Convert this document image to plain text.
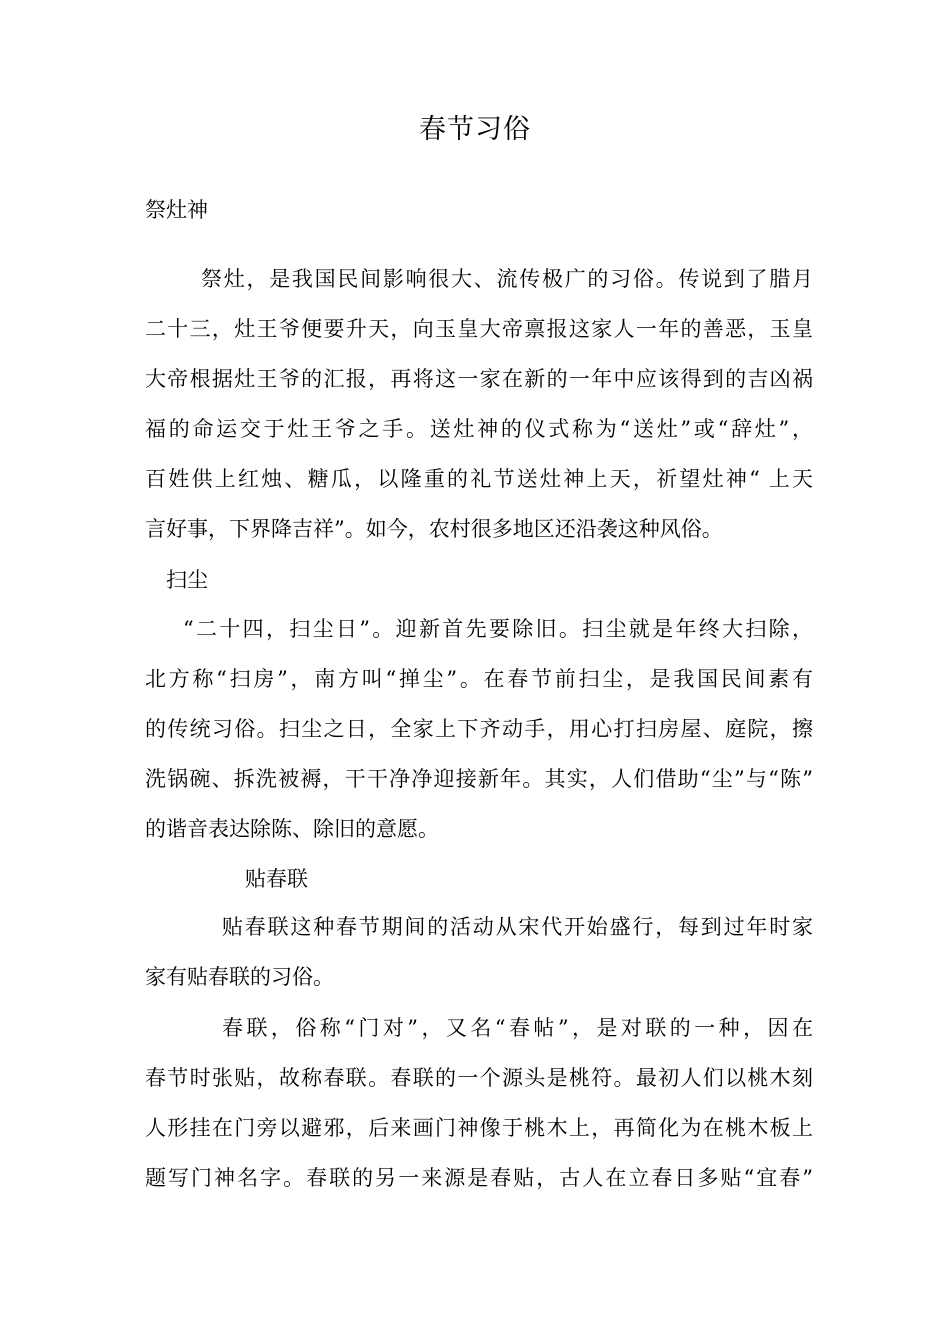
春节习俗
祭灶神
祭灶，是我国民间影响很大、流传极广的习俗。传说到了腊月
二十三，灶王爷便要升天，向玉皇大帝禀报这家人一年的善恶，玉皇
大帝根据灶王爷的汇报，再将这一家在新的一年中应该得到的吉凶祸
福的命运交于灶王爷之手。送灶神的仪式称为“送灶”或“辞灶”，
百姓供上红烛、糖瓜，以隆重的礼节送灶神上天，祈望灶神“ 上天
言好事，下界降吉祥”。如今，农村很多地区还沿袭这种风俗。
扫尘
“二十四，扫尘日”。迎新首先要除旧。扫尘就是年终大扫除，
北方称“扫房”，南方叫“掸尘”。在春节前扫尘，是我国民间素有
的传统习俗。扫尘之日，全家上下齐动手，用心打扫房屋、庭院，擦
洗锅碗、拆洗被褥，干干净净迎接新年。其实，人们借助“尘”与“陈”
的谐音表达除陈、除旧的意愿。
贴春联
贴春联这种春节期间的活动从宋代开始盛行，每到过年时家
家有贴春联的习俗。
春联，俗称“门对”，又名“春帖”，是对联的一种，因在
春节时张贴，故称春联。春联的一个源头是桃符。最初人们以桃木刻
人形挂在门旁以避邪，后来画门神像于桃木上，再简化为在桃木板上
题写门神名字。春联的另一来源是春贴，古人在立春日多贴“宜春”
